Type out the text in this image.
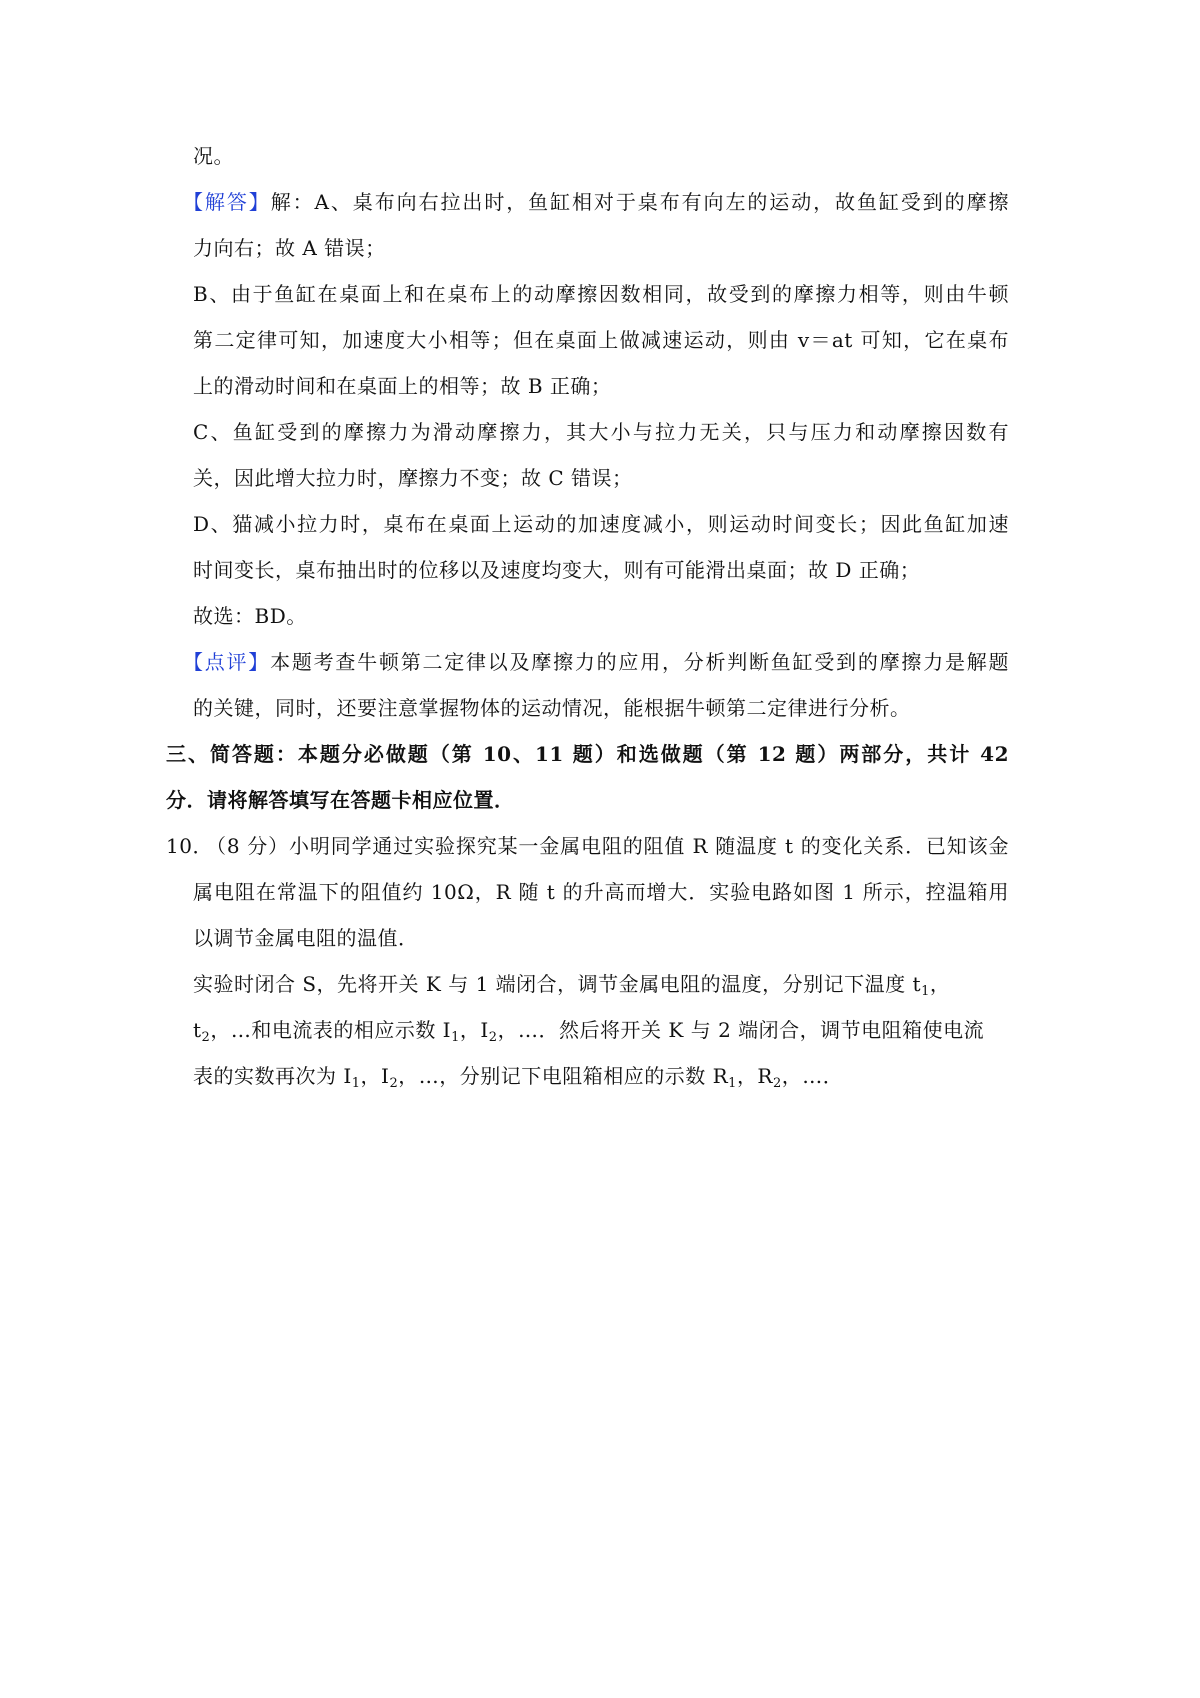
况。
【解答】解：A、桌布向右拉出时，鱼缸相对于桌布有向左的运动，故鱼缸受到的摩擦
力向右；故 A 错误；
B、由于鱼缸在桌面上和在桌布上的动摩擦因数相同，故受到的摩擦力相等，则由牛顿
第二定律可知，加速度大小相等；但在桌面上做减速运动，则由 v＝at 可知，它在桌布
上的滑动时间和在桌面上的相等；故 B 正确；
C、鱼缸受到的摩擦力为滑动摩擦力，其大小与拉力无关，只与压力和动摩擦因数有
关，因此增大拉力时，摩擦力不变；故 C 错误；
D、猫减小拉力时，桌布在桌面上运动的加速度减小，则运动时间变长；因此鱼缸加速
时间变长，桌布抽出时的位移以及速度均变大，则有可能滑出桌面；故 D 正确；
故选：BD。
【点评】本题考查牛顿第二定律以及摩擦力的应用，分析判断鱼缸受到的摩擦力是解题
的关键，同时，还要注意掌握物体的运动情况，能根据牛顿第二定律进行分析。
三、简答题：本题分必做题（第 10、11 题）和选做题（第 12 题）两部分，共计 42
分．请将解答填写在答题卡相应位置．
10．
（8 分）小明同学通过实验探究某一金属电阻的阻值 R 随温度 t 的变化关系．已知该金
属电阻在常温下的阻值约 10Ω，R 随 t 的升高而增大．实验电路如图 1 所示，控温箱用
以调节金属电阻的温值．
实验时闭合 S，先将开关 K 与 1 端闭合，调节金属电阻的温度，分别记下温度 $t_1$，
$t_2$，…和电流表的相应示数 $I_1$，$I_2$，…．然后将开关 K 与 2 端闭合，调节电阻箱使电流
表的实数再次为 $I_1$，$I_2$，…，分别记下电阻箱相应的示数 $R_1$，$R_2$，…．
